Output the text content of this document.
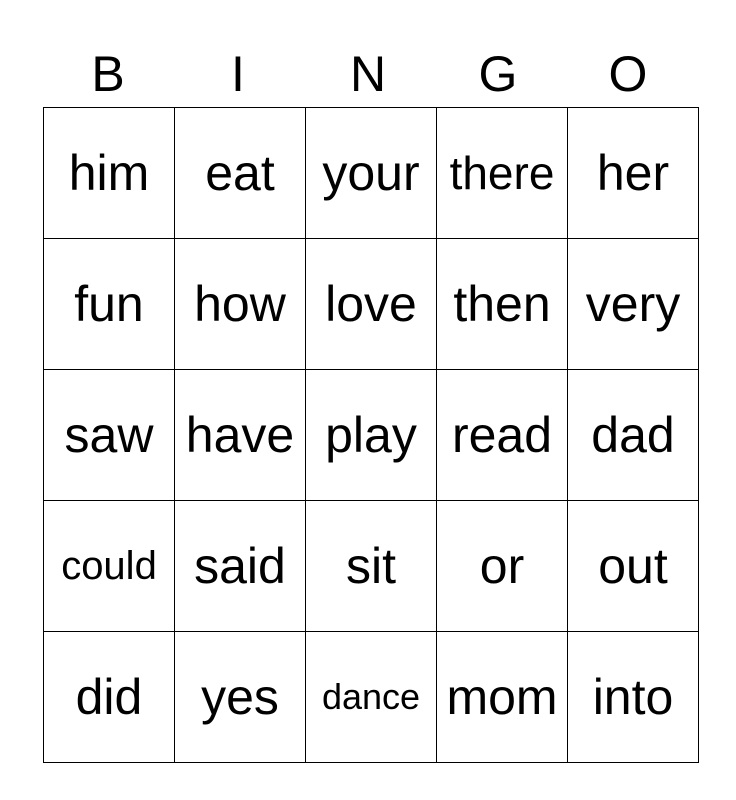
B	I	N	G	O
him	eat	your	there	her
fun	how	love	then	very
saw	have	play	read	dad
could	said	sit	or	out
did	yes	dance	mom	into
